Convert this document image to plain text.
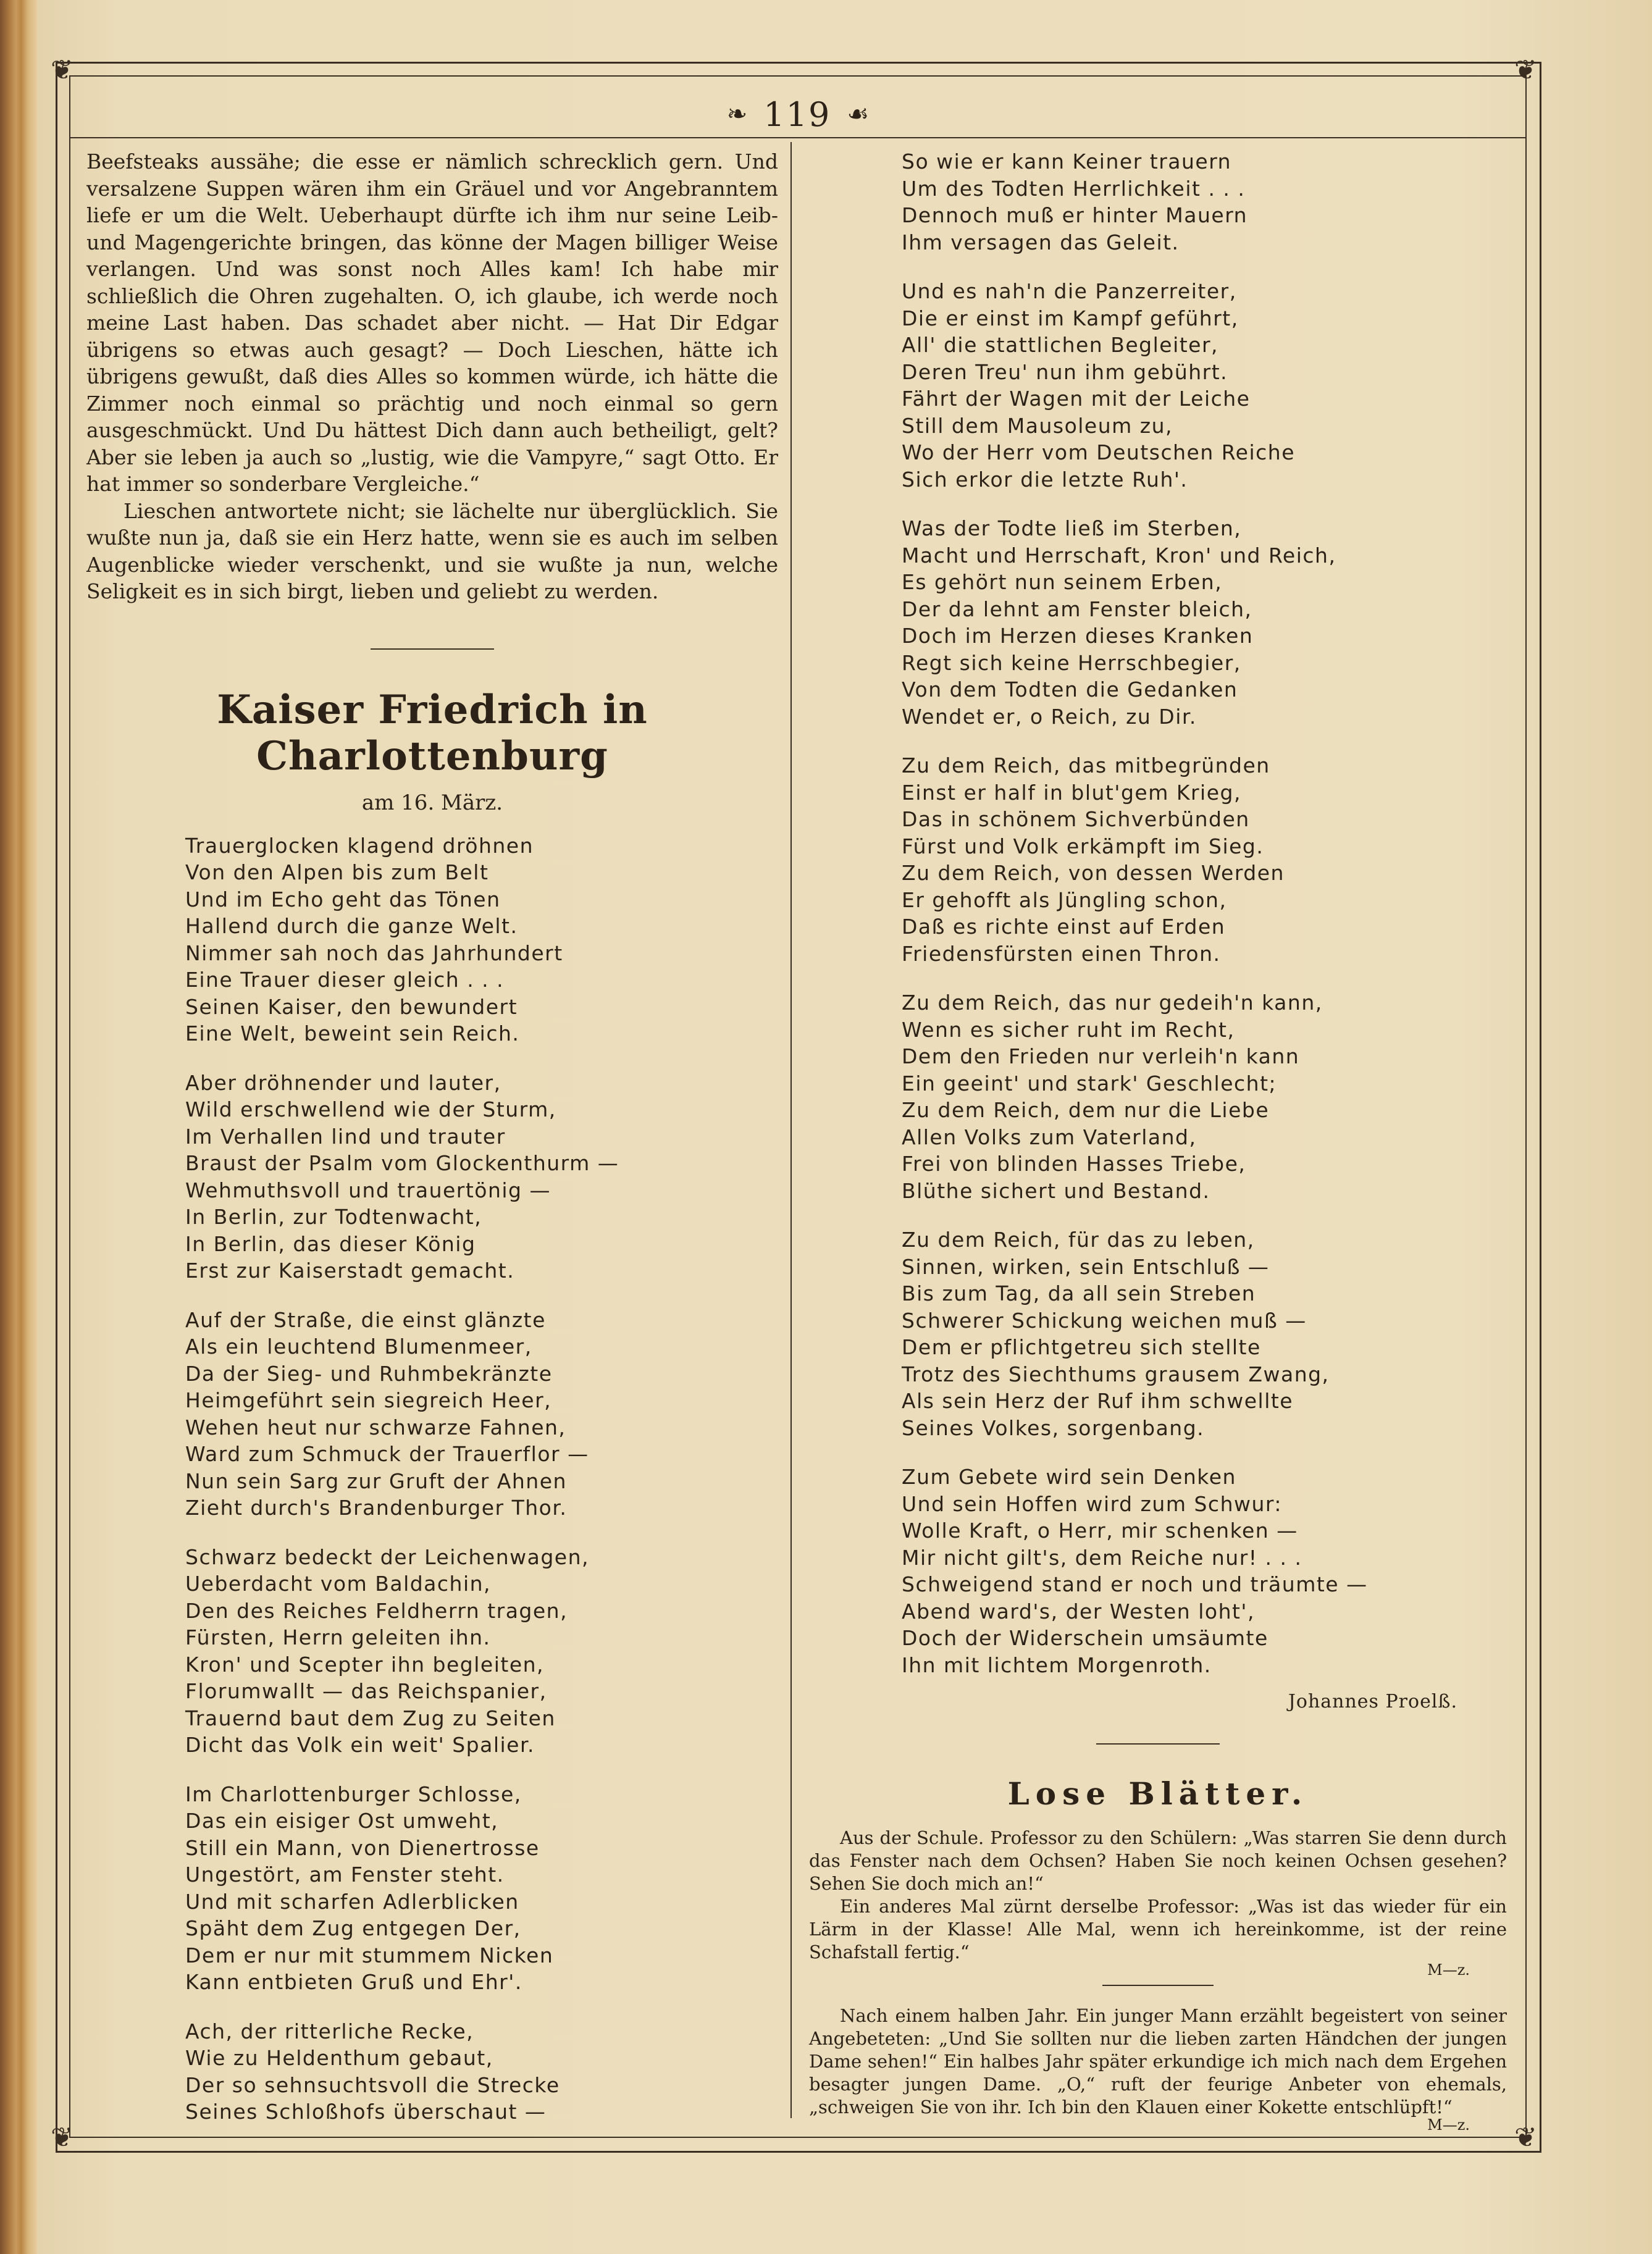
❦	❦
❦	❦
❧ 119 ☙

Beefsteaks aussähe; die esse er nämlich schrecklich gern. Und versalzene Suppen wären ihm ein Gräuel und vor Angebranntem liefe er um die Welt. Ueberhaupt dürfte ich ihm nur seine Leib- und Magengerichte bringen, das könne der Magen billiger Weise verlangen. Und was sonst noch Alles kam! Ich habe mir schließlich die Ohren zugehalten. O, ich glaube, ich werde noch meine Last haben. Das schadet aber nicht. — Hat Dir Edgar übrigens so etwas auch gesagt? — Doch Lieschen, hätte ich übrigens gewußt, daß dies Alles so kommen würde, ich hätte die Zimmer noch einmal so prächtig und noch einmal so gern ausgeschmückt. Und Du hättest Dich dann auch betheiligt, gelt? Aber sie leben ja auch so „lustig, wie die Vampyre,“ sagt Otto. Er hat immer so sonderbare Vergleiche.“

Lieschen antwortete nicht; sie lächelte nur überglücklich. Sie wußte nun ja, daß sie ein Herz hatte, wenn sie es auch im selben Augenblicke wieder verschenkt, und sie wußte ja nun, welche Seligkeit es in sich birgt, lieben und geliebt zu werden.

Kaiser Friedrich in Charlottenburg
am 16. März.
Trauerglocken klagend dröhnen
Von den Alpen bis zum Belt
Und im Echo geht das Tönen
Hallend durch die ganze Welt.
Nimmer sah noch das Jahrhundert
Eine Trauer dieser gleich . . .
Seinen Kaiser, den bewundert
Eine Welt, beweint sein Reich.
Aber dröhnender und lauter,
Wild erschwellend wie der Sturm,
Im Verhallen lind und trauter
Braust der Psalm vom Glockenthurm —
Wehmuthsvoll und trauertönig —
In Berlin, zur Todtenwacht,
In Berlin, das dieser König
Erst zur Kaiserstadt gemacht.
Auf der Straße, die einst glänzte
Als ein leuchtend Blumenmeer,
Da der Sieg- und Ruhmbekränzte
Heimgeführt sein siegreich Heer,
Wehen heut nur schwarze Fahnen,
Ward zum Schmuck der Trauerflor —
Nun sein Sarg zur Gruft der Ahnen
Zieht durch's Brandenburger Thor.
Schwarz bedeckt der Leichenwagen,
Ueberdacht vom Baldachin,
Den des Reiches Feldherrn tragen,
Fürsten, Herrn geleiten ihn.
Kron' und Scepter ihn begleiten,
Florumwallt — das Reichspanier,
Trauernd baut dem Zug zu Seiten
Dicht das Volk ein weit' Spalier.
Im Charlottenburger Schlosse,
Das ein eisiger Ost umweht,
Still ein Mann, von Dienertrosse
Ungestört, am Fenster steht.
Und mit scharfen Adlerblicken
Späht dem Zug entgegen Der,
Dem er nur mit stummem Nicken
Kann entbieten Gruß und Ehr'.
Ach, der ritterliche Recke,
Wie zu Heldenthum gebaut,
Der so sehnsuchtsvoll die Strecke
Seines Schloßhofs überschaut —
So wie er kann Keiner trauern
Um des Todten Herrlichkeit . . .
Dennoch muß er hinter Mauern
Ihm versagen das Geleit.
Und es nah'n die Panzerreiter,
Die er einst im Kampf geführt,
All' die stattlichen Begleiter,
Deren Treu' nun ihm gebührt.
Fährt der Wagen mit der Leiche
Still dem Mausoleum zu,
Wo der Herr vom Deutschen Reiche
Sich erkor die letzte Ruh'.
Was der Todte ließ im Sterben,
Macht und Herrschaft, Kron' und Reich,
Es gehört nun seinem Erben,
Der da lehnt am Fenster bleich,
Doch im Herzen dieses Kranken
Regt sich keine Herrschbegier,
Von dem Todten die Gedanken
Wendet er, o Reich, zu Dir.
Zu dem Reich, das mitbegründen
Einst er half in blut'gem Krieg,
Das in schönem Sichverbünden
Fürst und Volk erkämpft im Sieg.
Zu dem Reich, von dessen Werden
Er gehofft als Jüngling schon,
Daß es richte einst auf Erden
Friedensfürsten einen Thron.
Zu dem Reich, das nur gedeih'n kann,
Wenn es sicher ruht im Recht,
Dem den Frieden nur verleih'n kann
Ein geeint' und stark' Geschlecht;
Zu dem Reich, dem nur die Liebe
Allen Volks zum Vaterland,
Frei von blinden Hasses Triebe,
Blüthe sichert und Bestand.
Zu dem Reich, für das zu leben,
Sinnen, wirken, sein Entschluß —
Bis zum Tag, da all sein Streben
Schwerer Schickung weichen muß —
Dem er pflichtgetreu sich stellte
Trotz des Siechthums grausem Zwang,
Als sein Herz der Ruf ihm schwellte
Seines Volkes, sorgenbang.
Zum Gebete wird sein Denken
Und sein Hoffen wird zum Schwur:
Wolle Kraft, o Herr, mir schenken —
Mir nicht gilt's, dem Reiche nur! . . .
Schweigend stand er noch und träumte —
Abend ward's, der Westen loht',
Doch der Widerschein umsäumte
Ihn mit lichtem Morgenroth.
Johannes Proelß.
Lose Blätter.

Aus der Schule. Professor zu den Schülern: „Was starren Sie denn durch das Fenster nach dem Ochsen? Haben Sie noch keinen Ochsen gesehen? Sehen Sie doch mich an!“

Ein anderes Mal zürnt derselbe Professor: „Was ist das wieder für ein Lärm in der Klasse! Alle Mal, wenn ich hereinkomme, ist der reine Schafstall fertig.“

M—z.

Nach einem halben Jahr. Ein junger Mann erzählt begeistert von seiner Angebeteten: „Und Sie sollten nur die lieben zarten Händchen der jungen Dame sehen!“ Ein halbes Jahr später erkundige ich mich nach dem Ergehen besagter jungen Dame. „O,“ ruft der feurige Anbeter von ehemals, „schweigen Sie von ihr. Ich bin den Klauen einer Kokette entschlüpft!“

M—z.
